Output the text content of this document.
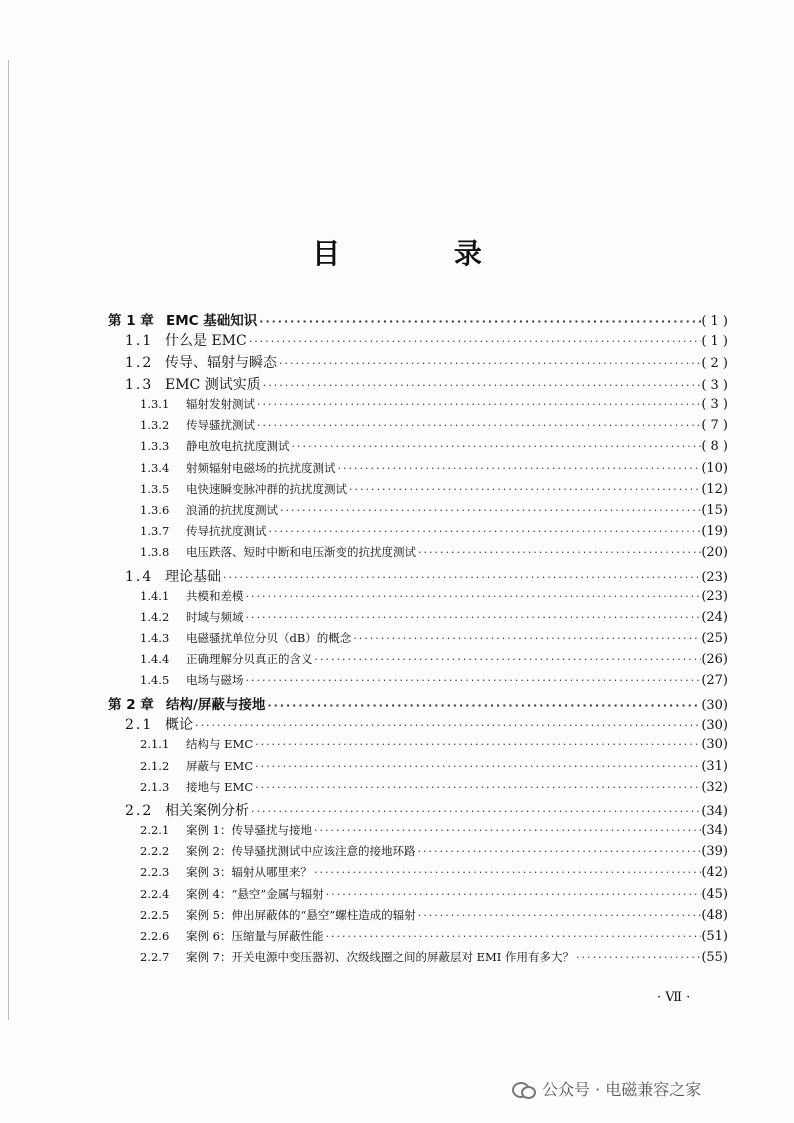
目 录
第 1 章 EMC 基础知识 ·····	( 1 )
1.1 什么是 EMC ·····	( 1 )
1.2 传导、辐射与瞬态 ·····	( 2 )
1.3 EMC 测试实质 ·····	( 3 )
1.3.1	辐射发射测试 ·····	( 3 )
1.3.2	传导骚扰测试 ·····	( 7 )
1.3.3	静电放电抗扰度测试 ·····	( 8 )
1.3.4	射频辐射电磁场的抗扰度测试 ·····	(10)
1.3.5	电快速瞬变脉冲群的抗扰度测试 ·····	(12)
1.3.6	浪涌的抗扰度测试 ·····	(15)
1.3.7	传导抗扰度测试 ·····	(19)
1.3.8	电压跌落、短时中断和电压渐变的抗扰度测试 ·····	(20)
1.4 理论基础 ·····	(23)
1.4.1	共模和差模 ·····	(23)
1.4.2	时域与频域 ·····	(24)
1.4.3	电磁骚扰单位分贝（dB）的概念 ·····	(25)
1.4.4	正确理解分贝真正的含义 ·····	(26)
1.4.5	电场与磁场 ·····	(27)
第 2 章 结构/屏蔽与接地 ·····	(30)
2.1 概论 ·····	(30)
2.1.1	结构与 EMC ·····	(30)
2.1.2	屏蔽与 EMC ·····	(31)
2.1.3	接地与 EMC ·····	(32)
2.2 相关案例分析 ·····	(34)
2.2.1	案例 1：传导骚扰与接地 ·····	(34)
2.2.2	案例 2：传导骚扰测试中应该注意的接地环路 ·····	(39)
2.2.3	案例 3：辐射从哪里来？ ·····	(42)
2.2.4	案例 4：“悬空”金属与辐射 ·····	(45)
2.2.5	案例 5：伸出屏蔽体的“悬空”螺柱造成的辐射 ·····	(48)
2.2.6	案例 6：压缩量与屏蔽性能 ·····	(51)
2.2.7	案例 7：开关电源中变压器初、次级线圈之间的屏蔽层对 EMI 作用有多大？ ·····	(55)
· Ⅶ ·
公众号 · 电磁兼容之家
